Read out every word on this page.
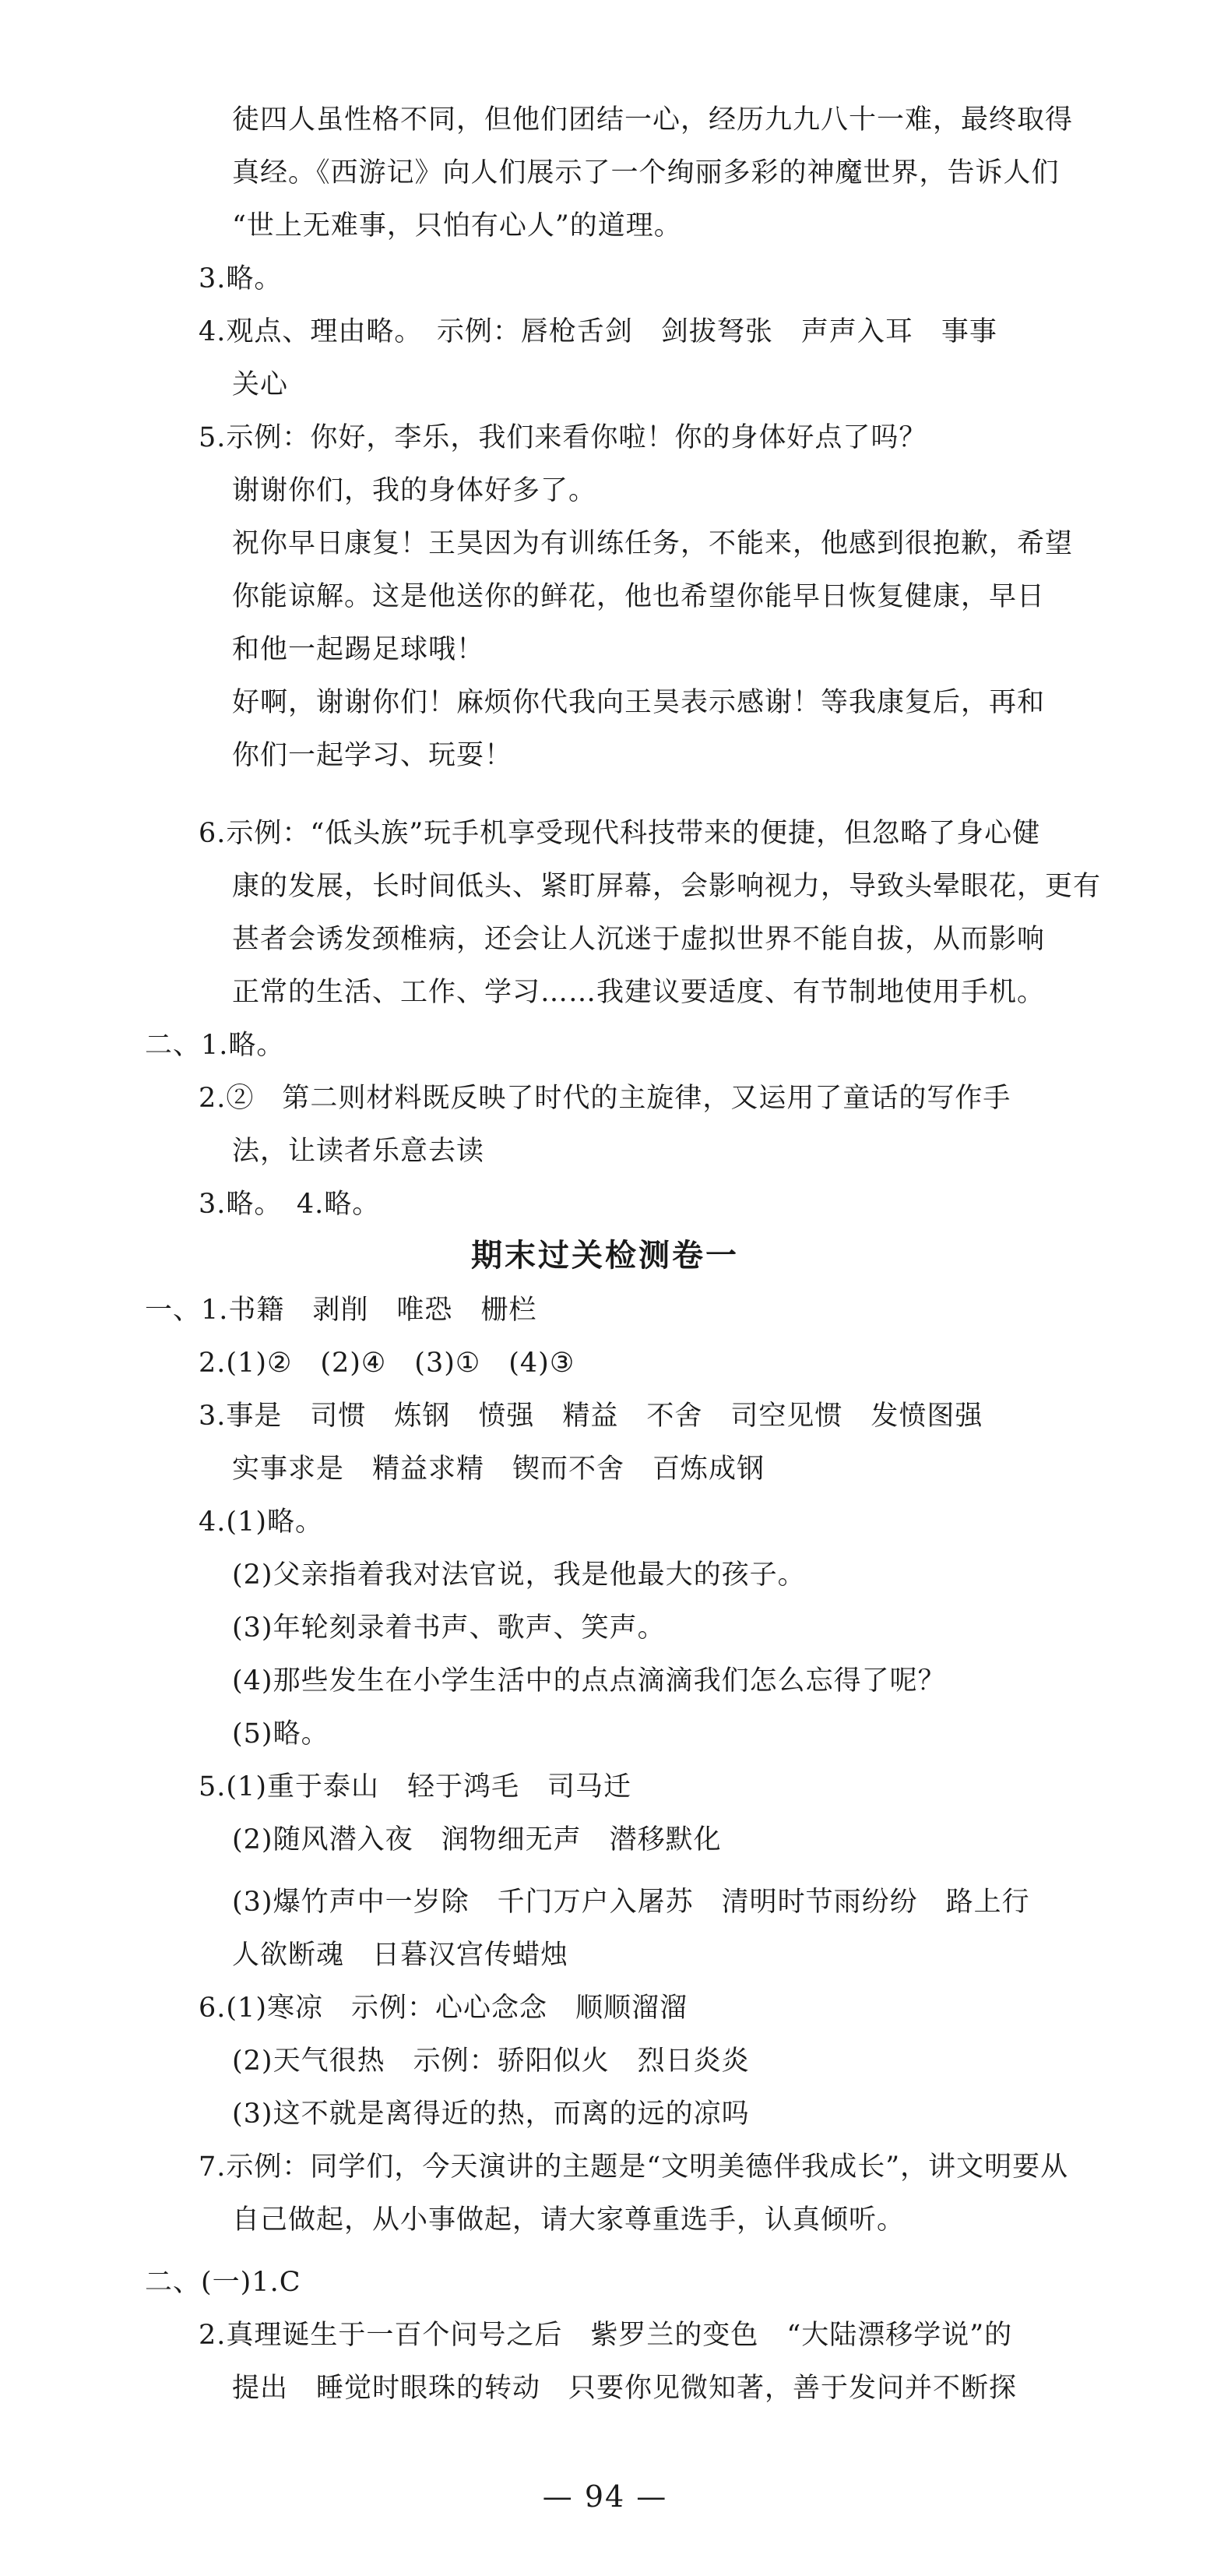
徒四人虽性格不同，但他们团结一心，经历九九八十一难，最终取得
真经。《西游记》向人们展示了一个绚丽多彩的神魔世界，告诉人们
“世上无难事，只怕有心人”的道理。
3.略。
4.观点、理由略。　示例：唇枪舌剑　剑拔弩张　声声入耳　事事
关心
5.示例：你好，李乐，我们来看你啦！你的身体好点了吗？
谢谢你们，我的身体好多了。
祝你早日康复！王昊因为有训练任务，不能来，他感到很抱歉，希望
你能谅解。这是他送你的鲜花，他也希望你能早日恢复健康，早日
和他一起踢足球哦！
好啊，谢谢你们！麻烦你代我向王昊表示感谢！等我康复后，再和
你们一起学习、玩耍！
6.示例：“低头族”玩手机享受现代科技带来的便捷，但忽略了身心健
康的发展，长时间低头、紧盯屏幕，会影响视力，导致头晕眼花，更有
甚者会诱发颈椎病，还会让人沉迷于虚拟世界不能自拔，从而影响
正常的生活、工作、学习……我建议要适度、有节制地使用手机。
二、1.略。
2.②　第二则材料既反映了时代的主旋律，又运用了童话的写作手
法，让读者乐意去读
3.略。　4.略。
期末过关检测卷一
一、1.书籍　剥削　唯恐　栅栏
2.(1)②　(2)④　(3)①　(4)③
3.事是　司惯　炼钢　愤强　精益　不舍　司空见惯　发愤图强
实事求是　精益求精　锲而不舍　百炼成钢
4.(1)略。
(2)父亲指着我对法官说，我是他最大的孩子。
(3)年轮刻录着书声、歌声、笑声。
(4)那些发生在小学生活中的点点滴滴我们怎么忘得了呢？
(5)略。
5.(1)重于泰山　轻于鸿毛　司马迁
(2)随风潜入夜　润物细无声　潜移默化
(3)爆竹声中一岁除　千门万户入屠苏　清明时节雨纷纷　路上行
人欲断魂　日暮汉宫传蜡烛
6.(1)寒凉　示例：心心念念　顺顺溜溜
(2)天气很热　示例：骄阳似火　烈日炎炎
(3)这不就是离得近的热，而离的远的凉吗
7.示例：同学们，今天演讲的主题是“文明美德伴我成长”，讲文明要从
自己做起，从小事做起，请大家尊重选手，认真倾听。
二、(一)1.C
2.真理诞生于一百个问号之后　紫罗兰的变色　“大陆漂移学说”的
提出　睡觉时眼珠的转动　只要你见微知著，善于发问并不断探
— 94 —
